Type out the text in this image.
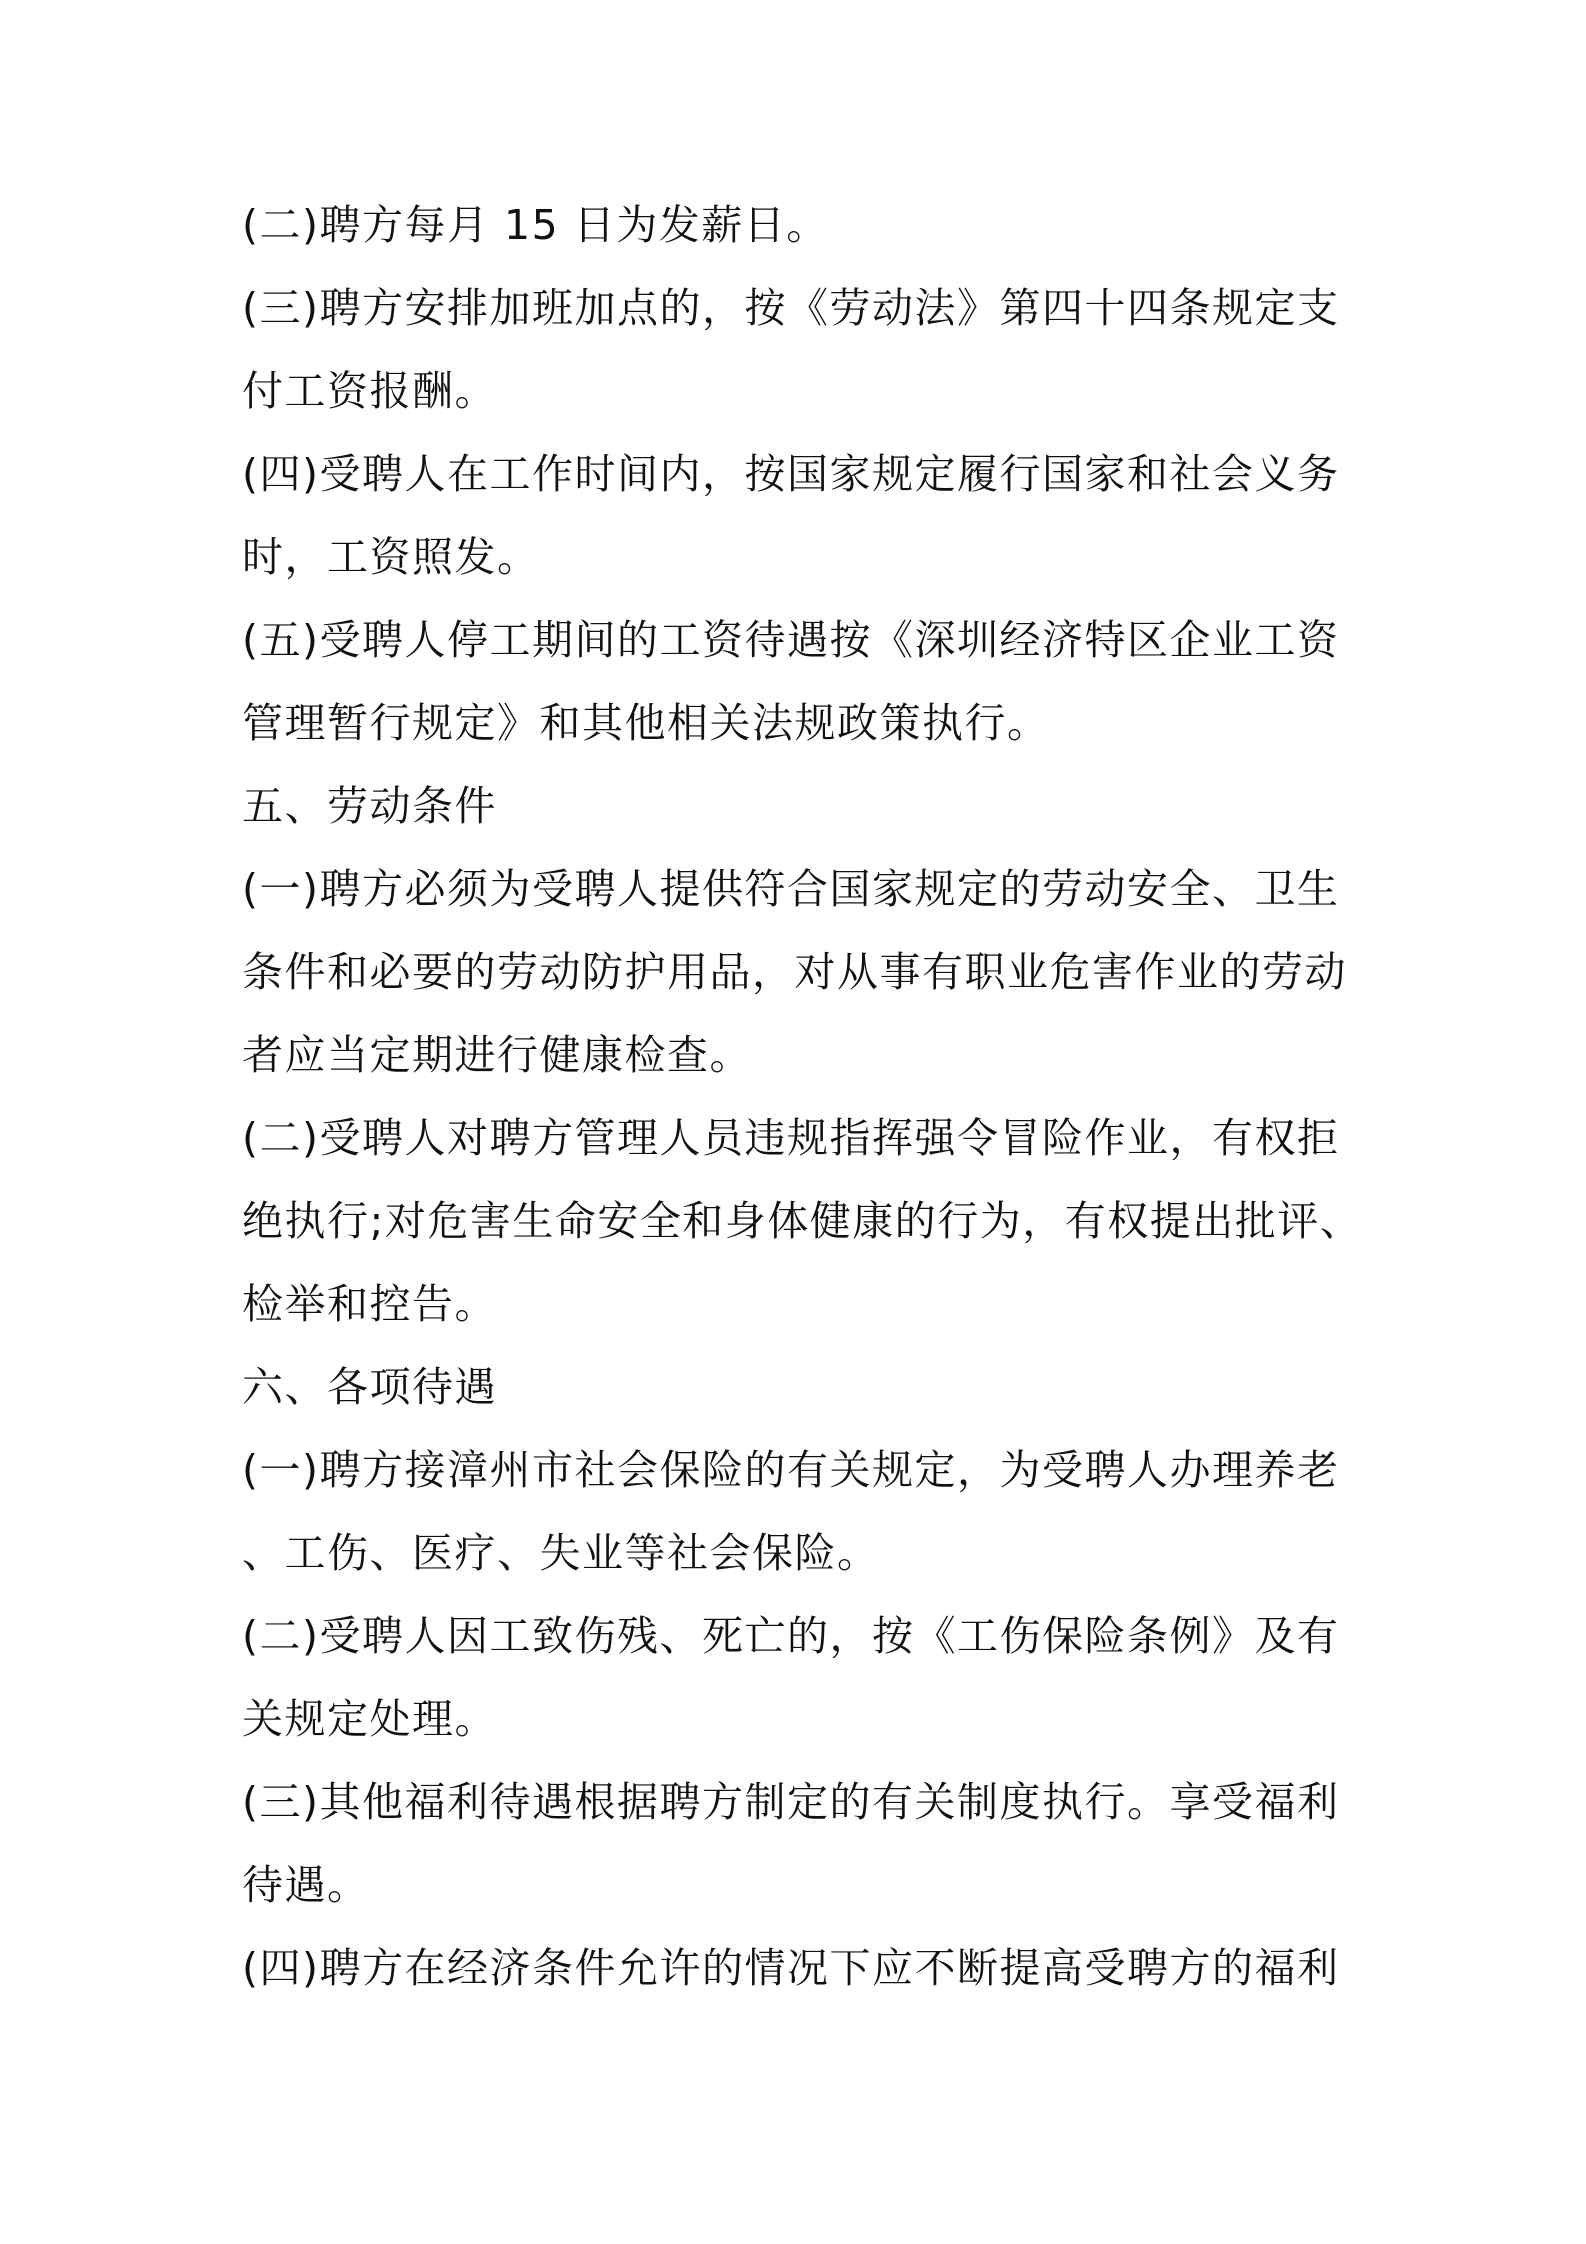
(二)聘方每月 15 日为发薪日。
(三)聘方安排加班加点的，按《劳动法》第四十四条规定支
付工资报酬。
(四)受聘人在工作时间内，按国家规定履行国家和社会义务
时，工资照发。
(五)受聘人停工期间的工资待遇按《深圳经济特区企业工资
管理暂行规定》和其他相关法规政策执行。
五、劳动条件
(一)聘方必须为受聘人提供符合国家规定的劳动安全、卫生
条件和必要的劳动防护用品，对从事有职业危害作业的劳动
者应当定期进行健康检查。
(二)受聘人对聘方管理人员违规指挥强令冒险作业，有权拒
绝执行;对危害生命安全和身体健康的行为，有权提出批评、
检举和控告。
六、各项待遇
(一)聘方接漳州市社会保险的有关规定，为受聘人办理养老
、工伤、医疗、失业等社会保险。
(二)受聘人因工致伤残、死亡的，按《工伤保险条例》及有
关规定处理。
(三)其他福利待遇根据聘方制定的有关制度执行。享受福利
待遇。
(四)聘方在经济条件允许的情况下应不断提高受聘方的福利
